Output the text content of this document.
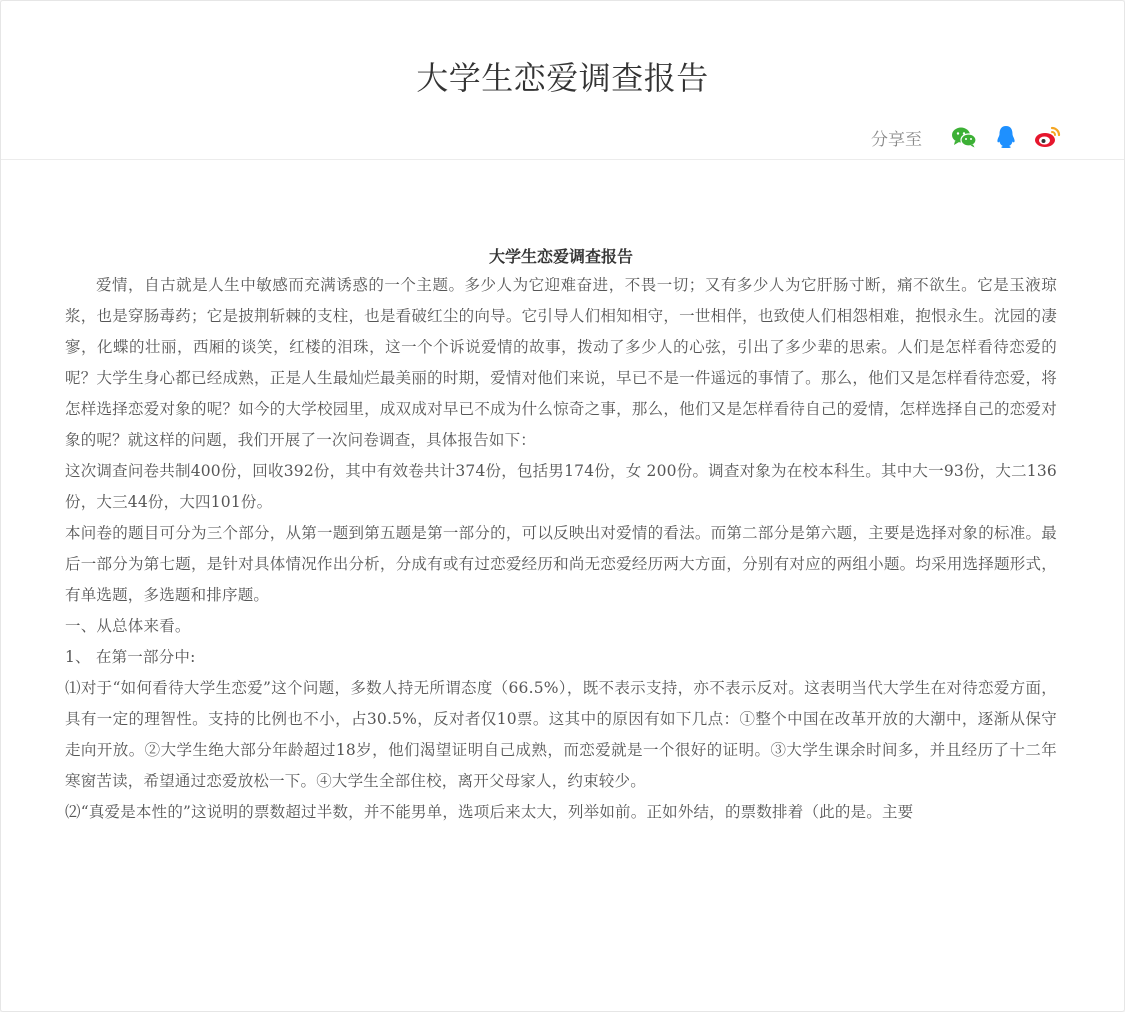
大学生恋爱调查报告
分享至
大学生恋爱调查报告

爱情，自古就是人生中敏感而充满诱惑的一个主题。多少人为它迎难奋进，不畏一切；又有多少人为它肝肠寸断，痛不欲生。它是玉液琼浆，也是穿肠毒药；它是披荆斩棘的支柱，也是看破红尘的向导。它引导人们相知相守，一世相伴，也致使人们相怨相难，抱恨永生。沈园的凄寥，化蝶的壮丽，西厢的谈笑，红楼的泪珠，这一个个诉说爱情的故事，拨动了多少人的心弦，引出了多少辈的思索。人们是怎样看待恋爱的呢？大学生身心都已经成熟，正是人生最灿烂最美丽的时期，爱情对他们来说，早已不是一件遥远的事情了。那么，他们又是怎样看待恋爱，将怎样选择恋爱对象的呢？如今的大学校园里，成双成对早已不成为什么惊奇之事，那么，他们又是怎样看待自己的爱情，怎样选择自己的恋爱对象的呢？就这样的问题，我们开展了一次问卷调查，具体报告如下：

这次调查问卷共制400份，回收392份，其中有效卷共计374份，包括男174份，女 200份。调查对象为在校本科生。其中大一93份，大二136份，大三44份，大四101份。

本问卷的题目可分为三个部分，从第一题到第五题是第一部分的，可以反映出对爱情的看法。而第二部分是第六题，主要是选择对象的标准。最后一部分为第七题，是针对具体情况作出分析，分成有或有过恋爱经历和尚无恋爱经历两大方面，分别有对应的两组小题。均采用选择题形式，有单选题，多选题和排序题。

一、从总体来看。

1、 在第一部分中:

⑴对于“如何看待大学生恋爱”这个问题，多数人持无所谓态度（66.5%），既不表示支持，亦不表示反对。这表明当代大学生在对待恋爱方面，具有一定的理智性。支持的比例也不小，占30.5%，反对者仅10票。这其中的原因有如下几点：①整个中国在改革开放的大潮中，逐渐从保守走向开放。②大学生绝大部分年龄超过18岁，他们渴望证明自己成熟，而恋爱就是一个很好的证明。③大学生课余时间多，并且经历了十二年寒窗苦读，希望通过恋爱放松一下。④大学生全部住校，离开父母家人，约束较少。

⑵“真爱是本性的”这说明的票数超过半数，并不能男单，选项后来太大，列举如前。正如外结，的票数排着（此的是。主要
